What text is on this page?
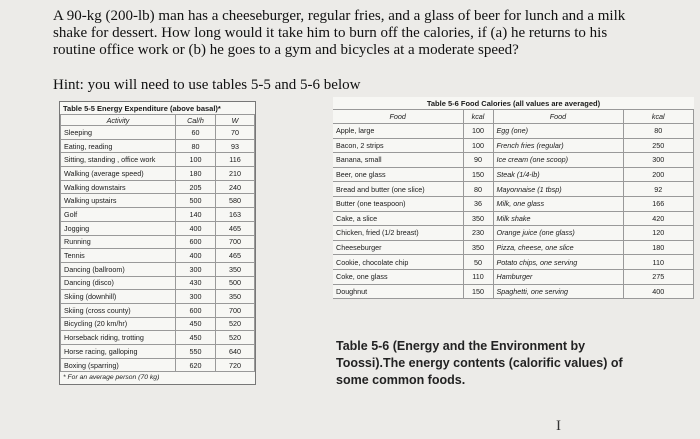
A 90-kg (200-lb) man has a cheeseburger, regular fries, and a glass of beer for lunch and a milk
shake for dessert. How long would it take him to burn off the calories, if (a) he returns to his
routine office work or (b) he goes to a gym and bicycles at a moderate speed?
Hint: you will need to use tables 5-5 and 5-6 below
Table 5-5 Energy Expenditure (above basal)*
Activity	Cal/h	W
Sleeping	60	70
Eating, reading	80	93
Sitting, standing , office work	100	116
Walking (average speed)	180	210
Walking downstairs	205	240
Walking upstairs	500	580
Golf	140	163
Jogging	400	465
Running	600	700
Tennis	400	465
Dancing (ballroom)	300	350
Dancing (disco)	430	500
Skiing (downhill)	300	350
Skiing (cross county)	600	700
Bicycling (20 km/hr)	450	520
Horseback riding, trotting	450	520
Horse racing, galloping	550	640
Boxing (sparring)	620	720
* For an average person (70 kg)
Table 5-6 Food Calories (all values are averaged)
Food	kcal	Food	kcal
Apple, large	100	Egg (one)	80
Bacon, 2 strips	100	French fries (regular)	250
Banana, small	90	Ice cream (one scoop)	300
Beer, one glass	150	Steak (1/4-lb)	200
Bread and butter (one slice)	80	Mayonnaise (1 tbsp)	92
Butter (one teaspoon)	36	Milk, one glass	166
Cake, a slice	350	Milk shake	420
Chicken, fried (1/2 breast)	230	Orange juice (one glass)	120
Cheeseburger	350	Pizza, cheese, one slice	180
Cookie, chocolate chip	50	Potato chips, one serving	110
Coke, one glass	110	Hamburger	275
Doughnut	150	Spaghetti, one serving	400
Table 5-6 (Energy and the Environment by Toossi).The energy contents (calorific values) of some common foods.
I
